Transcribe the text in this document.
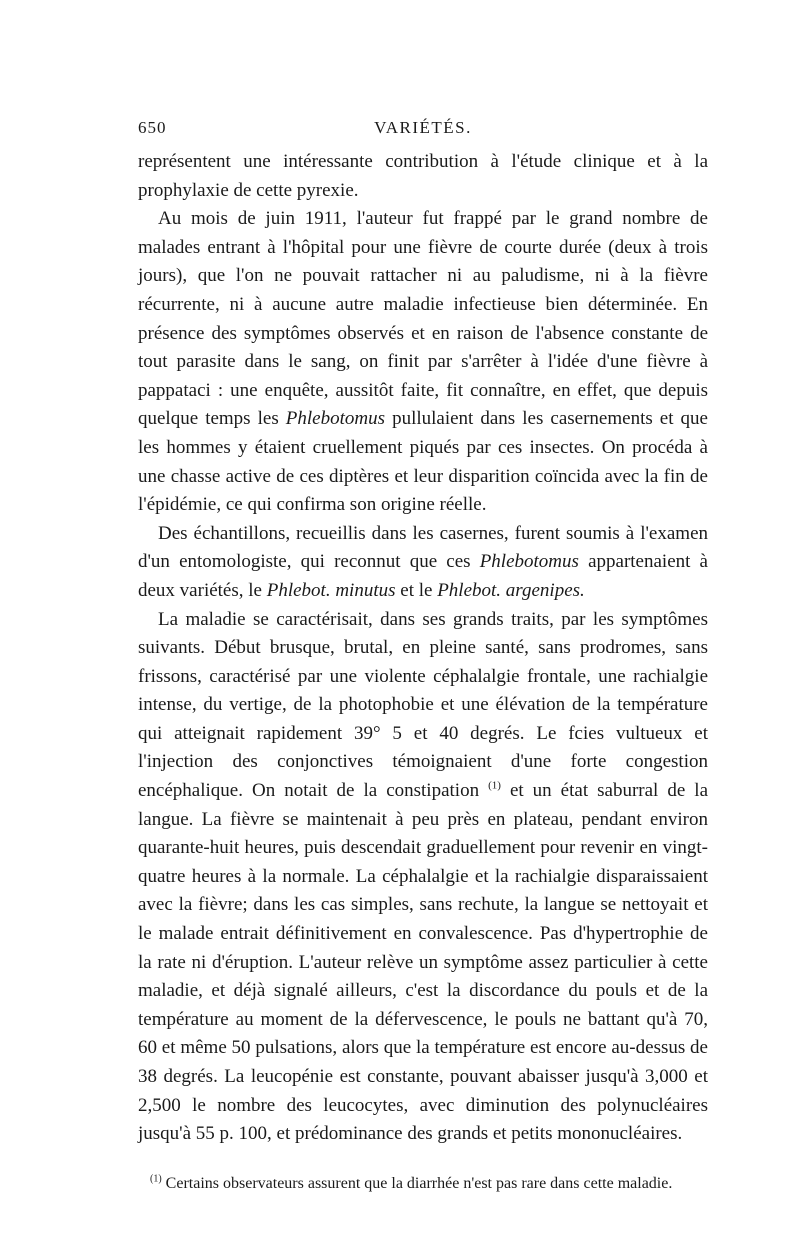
650	VARIÉTÉS.

représentent une intéressante contribution à l'étude clinique et à la prophylaxie de cette pyrexie.

Au mois de juin 1911, l'auteur fut frappé par le grand nombre de malades entrant à l'hôpital pour une fièvre de courte durée (deux à trois jours), que l'on ne pouvait rattacher ni au paludisme, ni à la fièvre récurrente, ni à aucune autre maladie infectieuse bien déterminée. En présence des symptômes observés et en raison de l'absence constante de tout parasite dans le sang, on finit par s'arrêter à l'idée d'une fièvre à pappataci : une enquête, aussitôt faite, fit connaître, en effet, que depuis quelque temps les Phlebotomus pullulaient dans les casernements et que les hommes y étaient cruellement piqués par ces insectes. On procéda à une chasse active de ces diptères et leur disparition coïncida avec la fin de l'épidémie, ce qui confirma son origine réelle.

Des échantillons, recueillis dans les casernes, furent soumis à l'examen d'un entomologiste, qui reconnut que ces Phlebotomus appartenaient à deux variétés, le Phlebot. minutus et le Phlebot. argenipes.

La maladie se caractérisait, dans ses grands traits, par les symptômes suivants. Début brusque, brutal, en pleine santé, sans prodromes, sans frissons, caractérisé par une violente céphalalgie frontale, une rachialgie intense, du vertige, de la photophobie et une élévation de la température qui atteignait rapidement 39° 5 et 40 degrés. Le fcies vultueux et l'injection des conjonctives témoignaient d'une forte congestion encéphalique. On notait de la constipation $^{(1)}$ et un état saburral de la langue. La fièvre se maintenait à peu près en plateau, pendant environ quarante-huit heures, puis descendait graduellement pour revenir en vingt-quatre heures à la normale. La céphalalgie et la rachialgie disparaissaient avec la fièvre; dans les cas simples, sans rechute, la langue se nettoyait et le malade entrait définitivement en convalescence. Pas d'hypertrophie de la rate ni d'éruption. L'auteur relève un symptôme assez particulier à cette maladie, et déjà signalé ailleurs, c'est la discordance du pouls et de la température au moment de la défervescence, le pouls ne battant qu'à 70, 60 et même 50 pulsations, alors que la température est encore au-dessus de 38 degrés. La leucopénie est constante, pouvant abaisser jusqu'à 3,000 et 2,500 le nombre des leucocytes, avec diminution des polynucléaires jusqu'à 55 p. 100, et prédominance des grands et petits mononucléaires.

$^{(1)}$ Certains observateurs assurent que la diarrhée n'est pas rare dans cette maladie.
